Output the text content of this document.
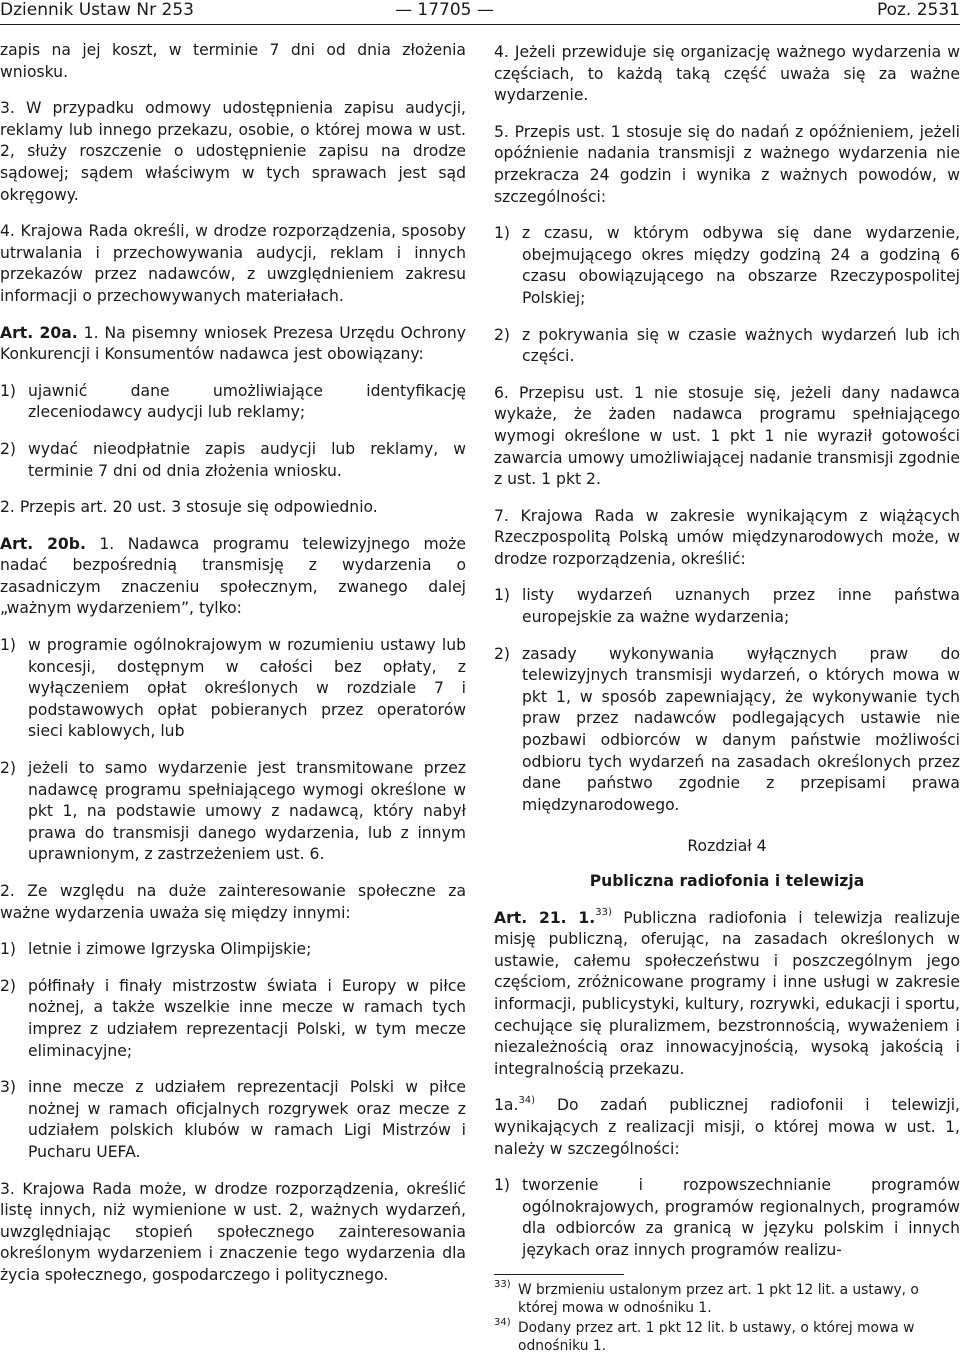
Dziennik Ustaw Nr 253	— 17705 —	Poz. 2531

zapis na jej koszt, w terminie 7 dni od dnia złożenia wniosku.

3. W przypadku odmowy udostępnienia zapisu audycji, reklamy lub innego przekazu, osobie, o której mowa w ust. 2, służy roszczenie o udostępnienie zapisu na drodze sądowej; sądem właściwym w tych sprawach jest sąd okręgowy.

4. Krajowa Rada określi, w drodze rozporządzenia, sposoby utrwalania i przechowywania audycji, reklam i innych przekazów przez nadawców, z uwzględnieniem zakresu informacji o przechowywanych materiałach.

Art. 20a. 1. Na pisemny wniosek Prezesa Urzędu Ochrony Konkurencji i Konsumentów nadawca jest obowiązany:

1) ujawnić dane umożliwiające identyfikację zleceniodawcy audycji lub reklamy;
2) wydać nieodpłatnie zapis audycji lub reklamy, w terminie 7 dni od dnia złożenia wniosku.

2. Przepis art. 20 ust. 3 stosuje się odpowiednio.

Art. 20b. 1. Nadawca programu telewizyjnego może nadać bezpośrednią transmisję z wydarzenia o zasadniczym znaczeniu społecznym, zwanego dalej „ważnym wydarzeniem”, tylko:

1) w programie ogólnokrajowym w rozumieniu ustawy lub koncesji, dostępnym w całości bez opłaty, z wyłączeniem opłat określonych w rozdziale 7 i podstawowych opłat pobieranych przez operatorów sieci kablowych, lub
2) jeżeli to samo wydarzenie jest transmitowane przez nadawcę programu spełniającego wymogi określone w pkt 1, na podstawie umowy z nadawcą, który nabył prawa do transmisji danego wydarzenia, lub z innym uprawnionym, z zastrzeżeniem ust. 6.

2. Ze względu na duże zainteresowanie społeczne za ważne wydarzenia uważa się między innymi:

1) letnie i zimowe Igrzyska Olimpijskie;
2) półfinały i finały mistrzostw świata i Europy w piłce nożnej, a także wszelkie inne mecze w ramach tych imprez z udziałem reprezentacji Polski, w tym mecze eliminacyjne;
3) inne mecze z udziałem reprezentacji Polski w piłce nożnej w ramach oficjalnych rozgrywek oraz mecze z udziałem polskich klubów w ramach Ligi Mistrzów i Pucharu UEFA.

3. Krajowa Rada może, w drodze rozporządzenia, określić listę innych, niż wymienione w ust. 2, ważnych wydarzeń, uwzględniając stopień społecznego zainteresowania określonym wydarzeniem i znaczenie tego wydarzenia dla życia społecznego, gospodarczego i politycznego.

4. Jeżeli przewiduje się organizację ważnego wydarzenia w częściach, to każdą taką część uważa się za ważne wydarzenie.

5. Przepis ust. 1 stosuje się do nadań z opóźnieniem, jeżeli opóźnienie nadania transmisji z ważnego wydarzenia nie przekracza 24 godzin i wynika z ważnych powodów, w szczególności:

1) z czasu, w którym odbywa się dane wydarzenie, obejmującego okres między godziną 24 a godziną 6 czasu obowiązującego na obszarze Rzeczypospolitej Polskiej;
2) z pokrywania się w czasie ważnych wydarzeń lub ich części.

6. Przepisu ust. 1 nie stosuje się, jeżeli dany nadawca wykaże, że żaden nadawca programu spełniającego wymogi określone w ust. 1 pkt 1 nie wyraził gotowości zawarcia umowy umożliwiającej nadanie transmisji zgodnie z ust. 1 pkt 2.

7. Krajowa Rada w zakresie wynikającym z wiążących Rzeczpospolitą Polską umów międzynarodowych może, w drodze rozporządzenia, określić:

1) listy wydarzeń uznanych przez inne państwa europejskie za ważne wydarzenia;
2) zasady wykonywania wyłącznych praw do telewizyjnych transmisji wydarzeń, o których mowa w pkt 1, w sposób zapewniający, że wykonywanie tych praw przez nadawców podlegających ustawie nie pozbawi odbiorców w danym państwie możliwości odbioru tych wydarzeń na zasadach określonych przez dane państwo zgodnie z przepisami prawa międzynarodowego.

Rozdział 4

Publiczna radiofonia i telewizja

Art. 21. 1.$^{33)}$ Publiczna radiofonia i telewizja realizuje misję publiczną, oferując, na zasadach określonych w ustawie, całemu społeczeństwu i poszczególnym jego częściom, zróżnicowane programy i inne usługi w zakresie informacji, publicystyki, kultury, rozrywki, edukacji i sportu, cechujące się pluralizmem, bezstronnością, wyważeniem i niezależnością oraz innowacyjnością, wysoką jakością i integralnością przekazu.

1a.$^{34)}$ Do zadań publicznej radiofonii i telewizji, wynikających z realizacji misji, o której mowa w ust. 1, należy w szczególności:

1) tworzenie i rozpowszechnianie programów ogólnokrajowych, programów regionalnych, programów dla odbiorców za granicą w języku polskim i innych językach oraz innych programów realizu-
$^{33)}$ W brzmieniu ustalonym przez art. 1 pkt 12 lit. a ustawy, o której mowa w odnośniku 1.
$^{34)}$ Dodany przez art. 1 pkt 12 lit. b ustawy, o której mowa w odnośniku 1.
